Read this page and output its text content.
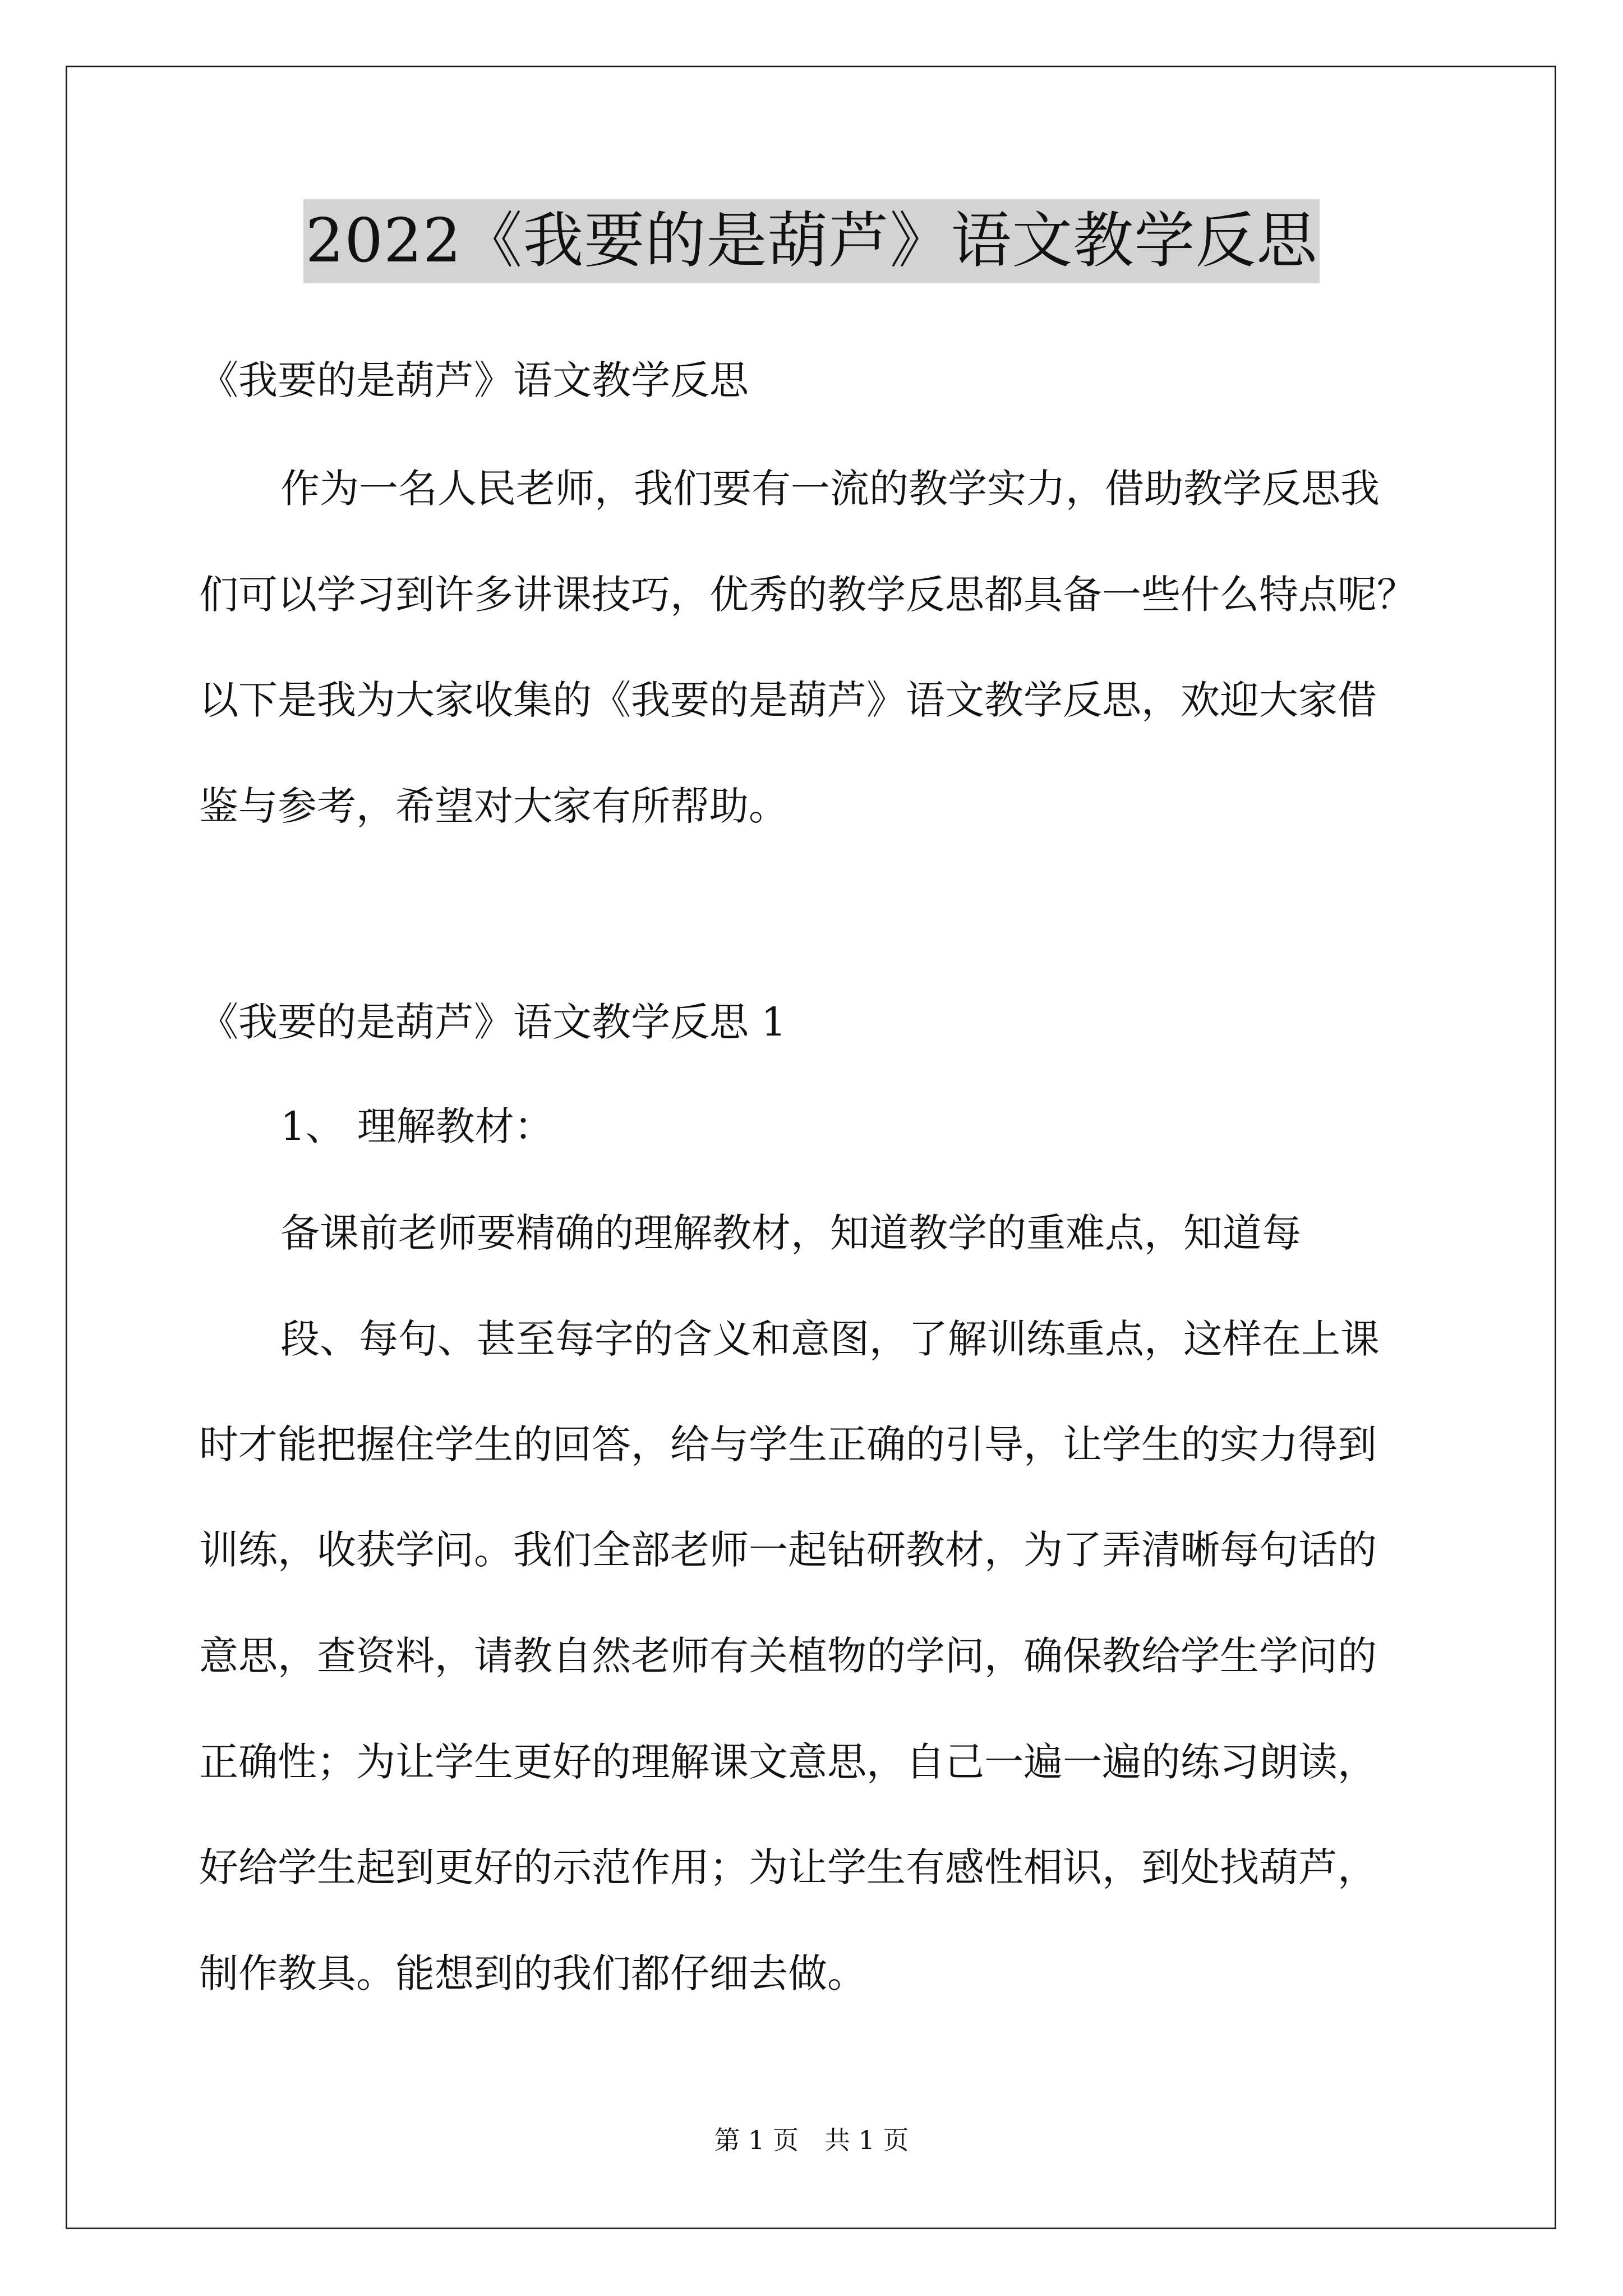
2022《我要的是葫芦》语文教学反思
《我要的是葫芦》语文教学反思
作为一名人民老师，我们要有一流的教学实力，借助教学反思我
们可以学习到许多讲课技巧，优秀的教学反思都具备一些什么特点呢？
以下是我为大家收集的《我要的是葫芦》语文教学反思，欢迎大家借
鉴与参考，希望对大家有所帮助。
《我要的是葫芦》语文教学反思 1
1、 理解教材：
备课前老师要精确的理解教材，知道教学的重难点，知道每
段、每句、甚至每字的含义和意图，了解训练重点，这样在上课
时才能把握住学生的回答，给与学生正确的引导，让学生的实力得到
训练，收获学问。我们全部老师一起钻研教材，为了弄清晰每句话的
意思，查资料，请教自然老师有关植物的学问，确保教给学生学问的
正确性；为让学生更好的理解课文意思，自己一遍一遍的练习朗读，
好给学生起到更好的示范作用；为让学生有感性相识，到处找葫芦，
制作教具。能想到的我们都仔细去做。
第 1 页　共 1 页
